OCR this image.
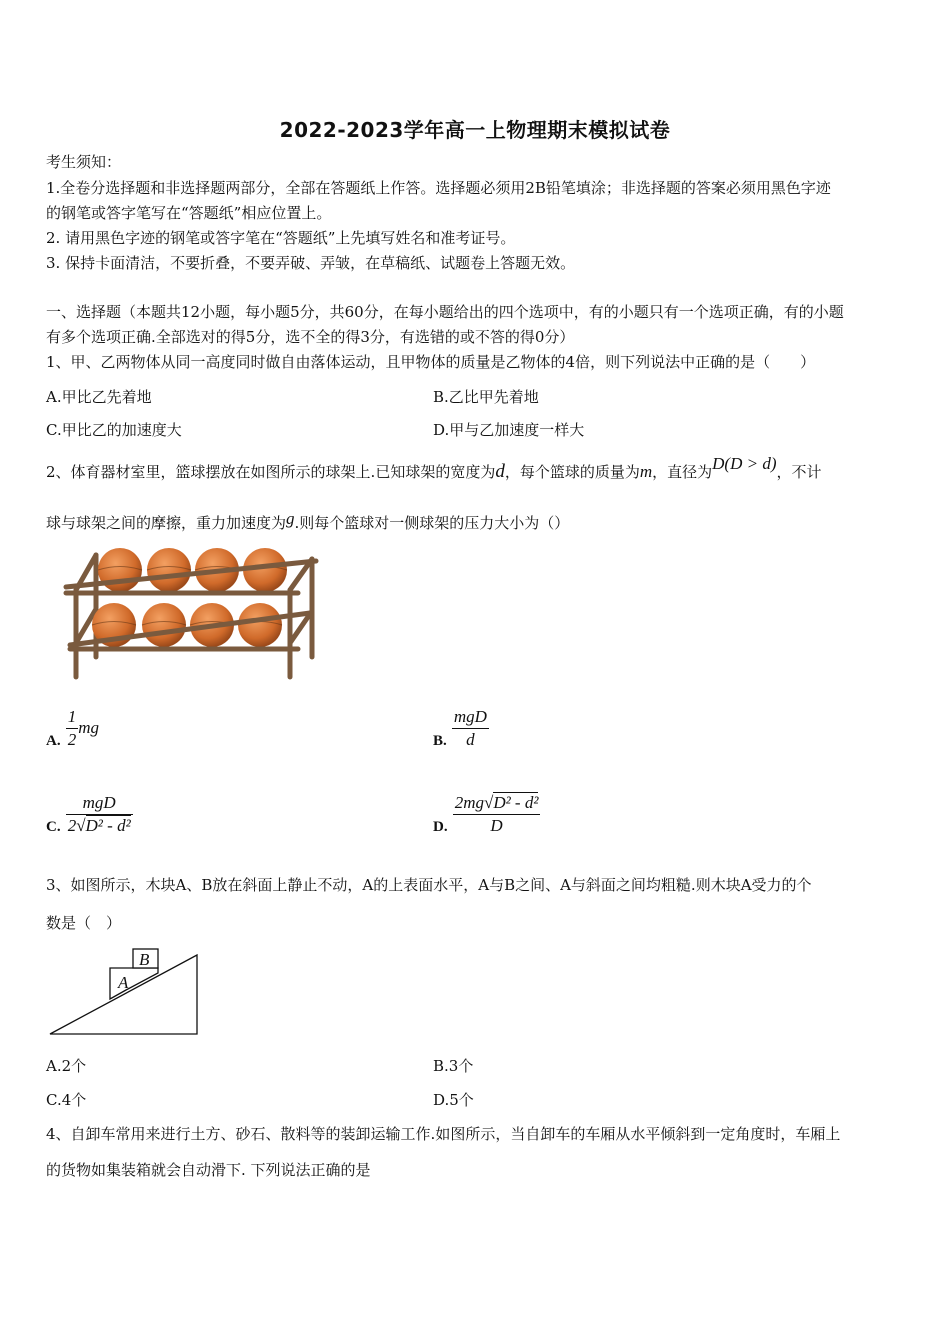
2022-2023学年高一上物理期末模拟试卷
考生须知：
1.全卷分选择题和非选择题两部分，全部在答题纸上作答。选择题必须用2B铅笔填涂；非选择题的答案必须用黑色字迹
的钢笔或答字笔写在“答题纸”相应位置上。
2. 请用黑色字迹的钢笔或答字笔在“答题纸”上先填写姓名和准考证号。
3. 保持卡面清洁，不要折叠，不要弄破、弄皱，在草稿纸、试题卷上答题无效。
一、选择题（本题共12小题，每小题5分，共60分，在每小题给出的四个选项中，有的小题只有一个选项正确，有的小题
有多个选项正确.全部选对的得5分，选不全的得3分，有选错的或不答的得0分）
1、甲、乙两物体从同一高度同时做自由落体运动，且甲物体的质量是乙物体的4倍，则下列说法中正确的是（　　）
A.甲比乙先着地	B.乙比甲先着地
C.甲比乙的加速度大	D.甲与乙加速度一样大
2、体育器材室里，篮球摆放在如图所示的球架上.已知球架的宽度为d，每个篮球的质量为m，直径为D(D > d)，不计
球与球架之间的摩擦，重力加速度为g.则每个篮球对一侧球架的压力大小为（）
A. $\frac{1}{2}$ mg
B. $\frac{\text{mgD}}{d}$
C. $\frac{\text{mgD}}{\text{2√D² - d²}}$	D. $\frac{\text{2mg√D² - d²}}{D}$
3、如图所示，木块A、B放在斜面上静止不动，A的上表面水平，A与B之间、A与斜面之间均粗糙.则木块A受力的个
数是（　）
A
B
A.2个	B.3个
C.4个	D.5个
4、自卸车常用来进行土方、砂石、散料等的装卸运输工作.如图所示，当自卸车的车厢从水平倾斜到一定角度时，车厢上
的货物如集装箱就会自动滑下. 下列说法正确的是
